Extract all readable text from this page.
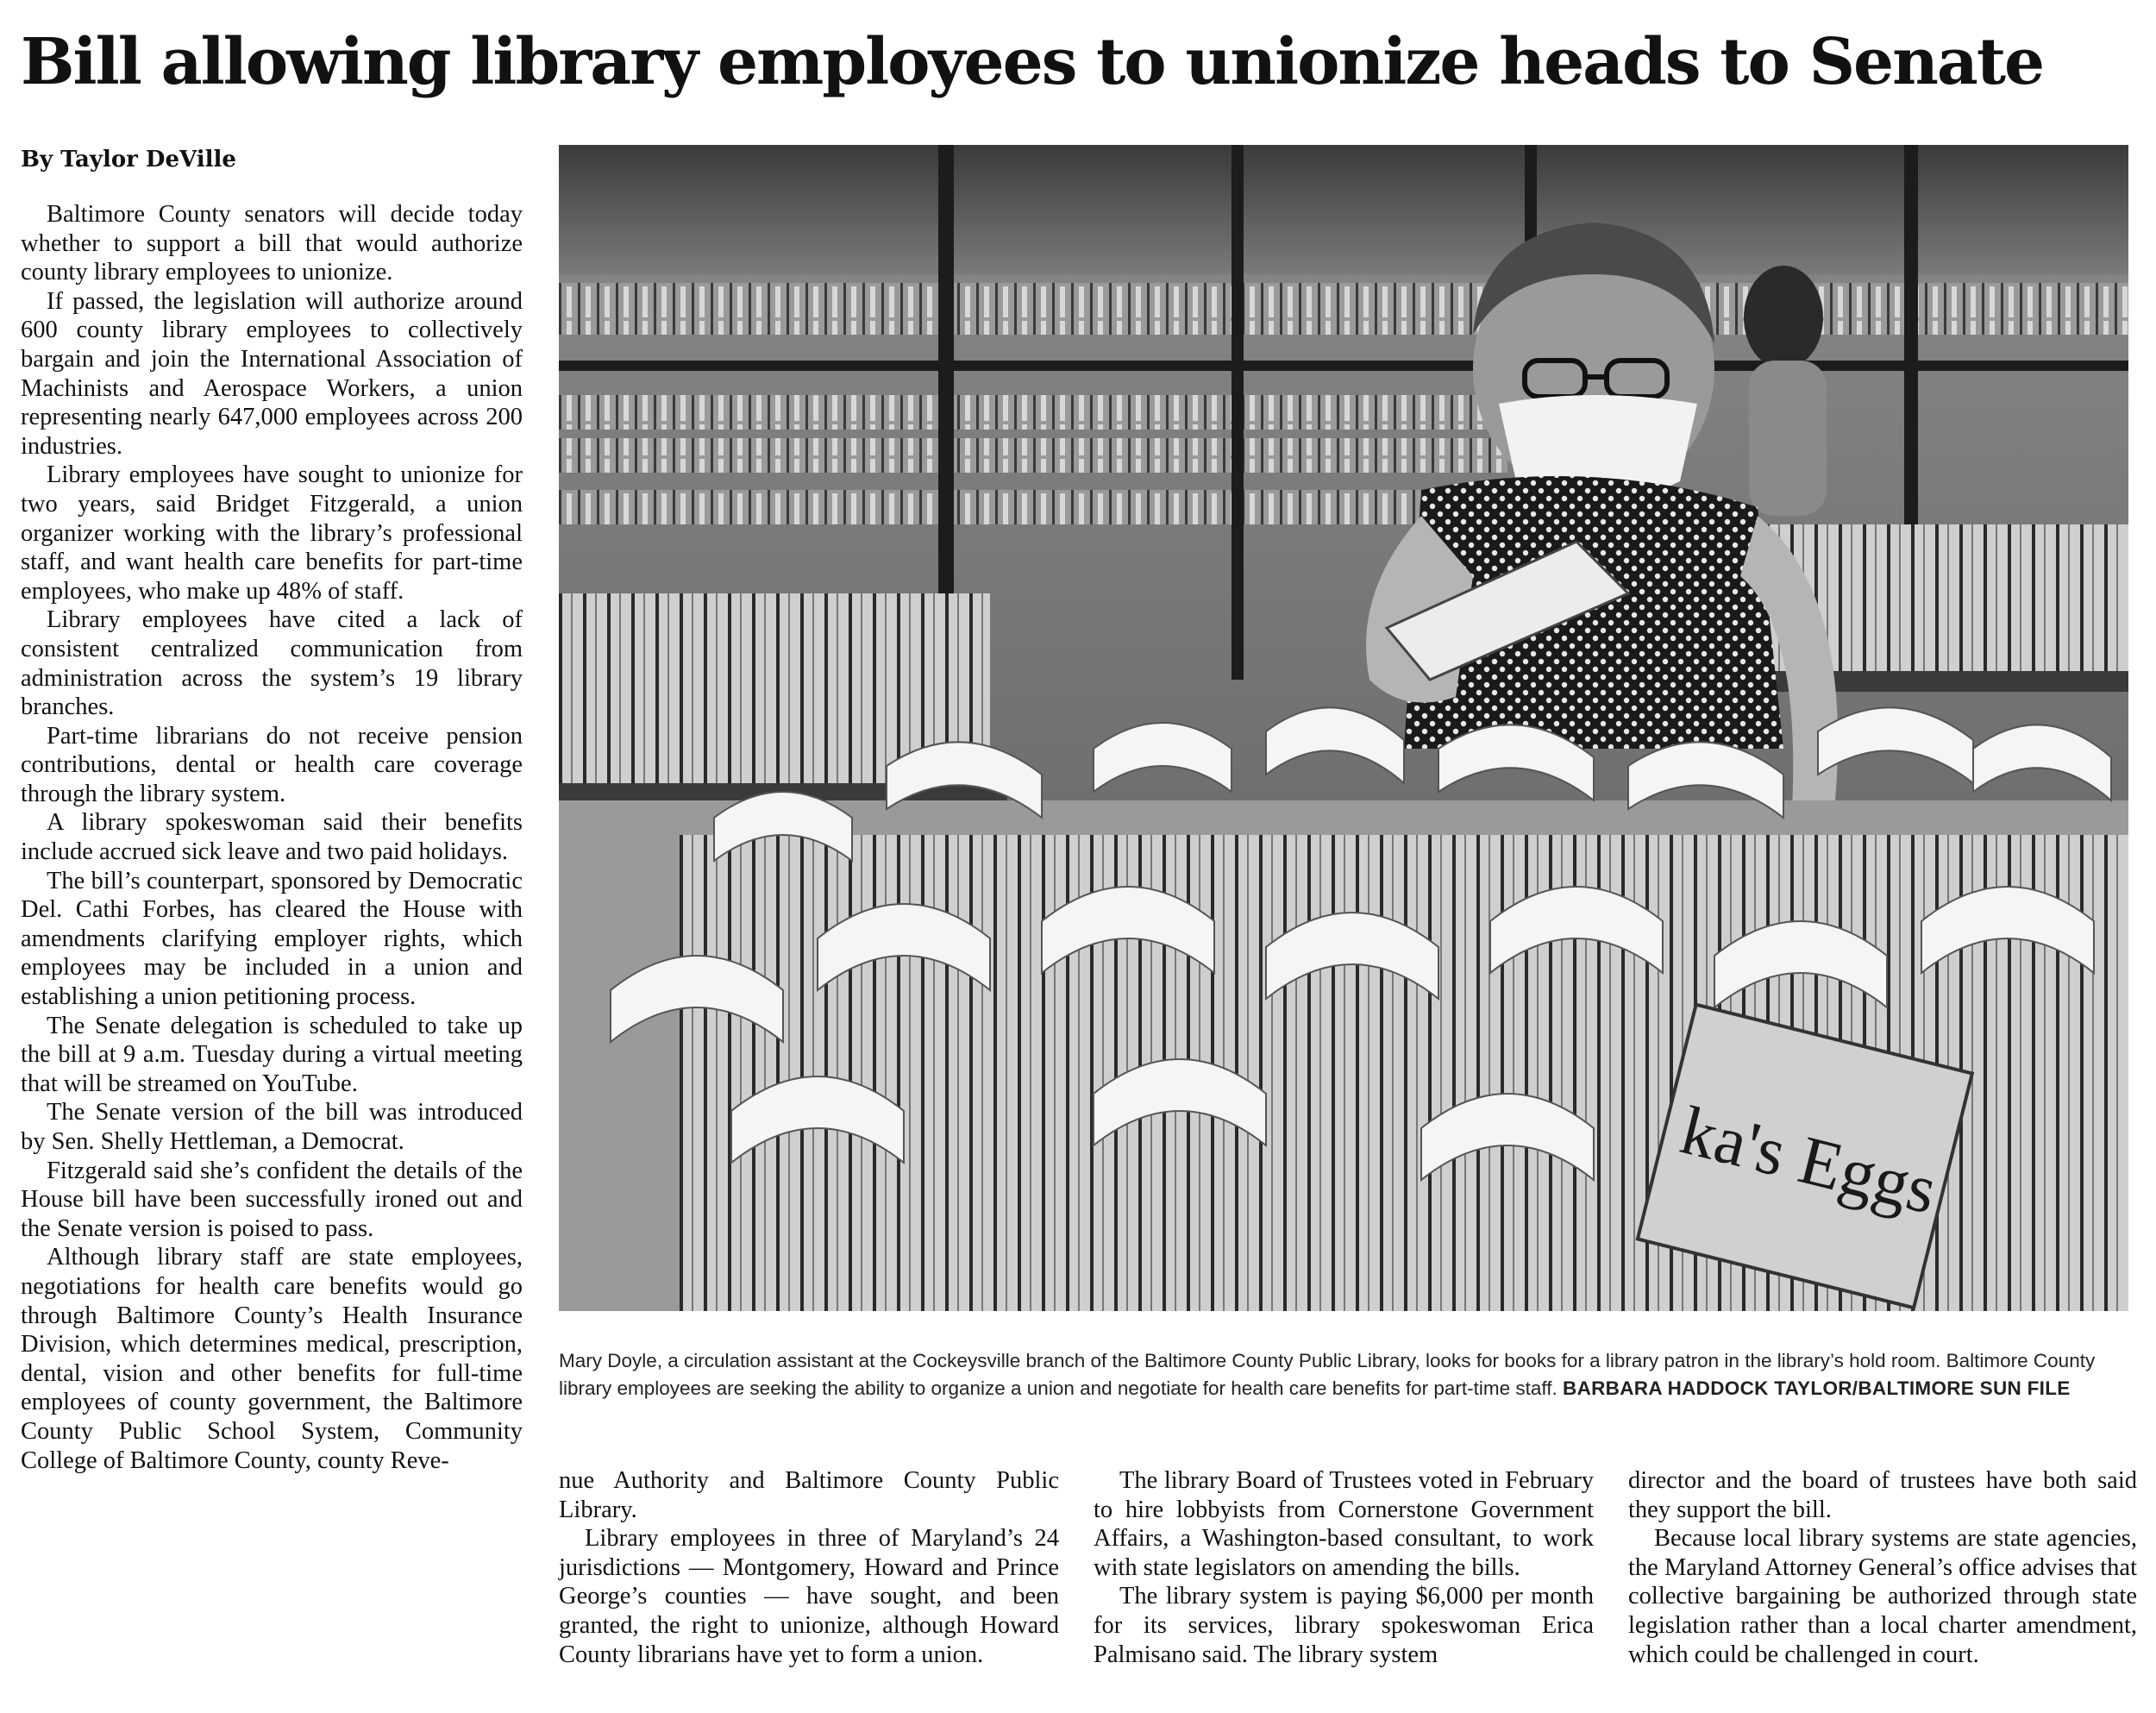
Bill allowing library employees to unionize heads to Senate

By Taylor DeVille

Baltimore County senators will decide today whether to support a bill that would authorize county library employees to unionize.

If passed, the legislation will authorize around 600 county library employees to collectively bargain and join the International Association of Machinists and Aerospace Workers, a union representing nearly 647,000 employees across 200 industries.

Library employees have sought to unionize for two years, said Bridget Fitzgerald, a union organizer working with the library’s professional staff, and want health care benefits for part-time employees, who make up 48% of staff.

Library employees have cited a lack of consistent centralized communication from administration across the system’s 19 library branches.

Part-time librarians do not receive pension contributions, dental or health care coverage through the library system.

A library spokeswoman said their benefits include accrued sick leave and two paid holidays.

The bill’s counterpart, sponsored by Democratic Del. Cathi Forbes, has cleared the House with amendments clarifying employer rights, which employees may be included in a union and establishing a union petitioning process.

The Senate delegation is scheduled to take up the bill at 9 a.m. Tuesday during a virtual meeting that will be streamed on YouTube.

The Senate version of the bill was introduced by Sen. Shelly Hettleman, a Democrat.

Fitzgerald said she’s confident the details of the House bill have been successfully ironed out and the Senate version is poised to pass.

Although library staff are state employees, negotiations for health care benefits would go through Baltimore County’s Health Insurance Division, which determines medical, prescription, dental, vision and other benefits for full-time employees of county government, the Baltimore County Public School System, Community College of Baltimore County, county Reve-

ka's Eggs

Mary Doyle, a circulation assistant at the Cockeysville branch of the Baltimore County Public Library, looks for books for a library patron in the library’s hold room. Baltimore County library employees are seeking the ability to organize a union and negotiate for health care benefits for part-time staff. BARBARA HADDOCK TAYLOR/BALTIMORE SUN FILE

nue Authority and Baltimore County Public Library.

Library employees in three of Maryland’s 24 jurisdictions — Montgomery, Howard and Prince George’s counties — have sought, and been granted, the right to unionize, although Howard County librarians have yet to form a union.

The library Board of Trustees voted in February to hire lobbyists from Cornerstone Government Affairs, a Washington-based consultant, to work with state legislators on amending the bills.

The library system is paying $6,000 per month for its services, library spokeswoman Erica Palmisano said. The library system

director and the board of trustees have both said they support the bill.

Because local library systems are state agencies, the Maryland Attorney General’s office advises that collective bargaining be authorized through state legislation rather than a local charter amendment, which could be challenged in court.
